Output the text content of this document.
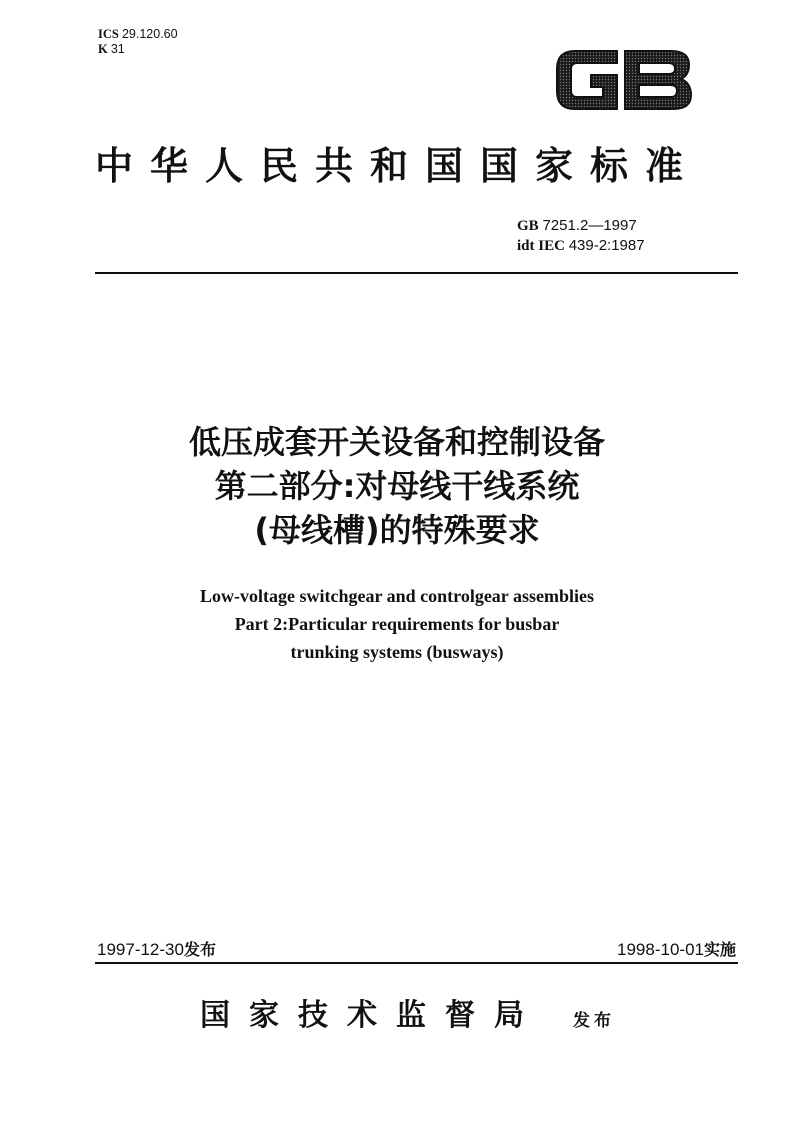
ICS 29.120.60
K 31
中华人民共和国国家标准
GB 7251.2—1997
idt IEC 439-2:1987
低压成套开关设备和控制设备
第二部分:对母线干线系统
(母线槽)的特殊要求
Low-voltage switchgear and controlgear assemblies
Part 2:Particular requirements for busbar
trunking systems (busways)
1997-12-30发布	1998-10-01实施
国家技术监督局 发布
